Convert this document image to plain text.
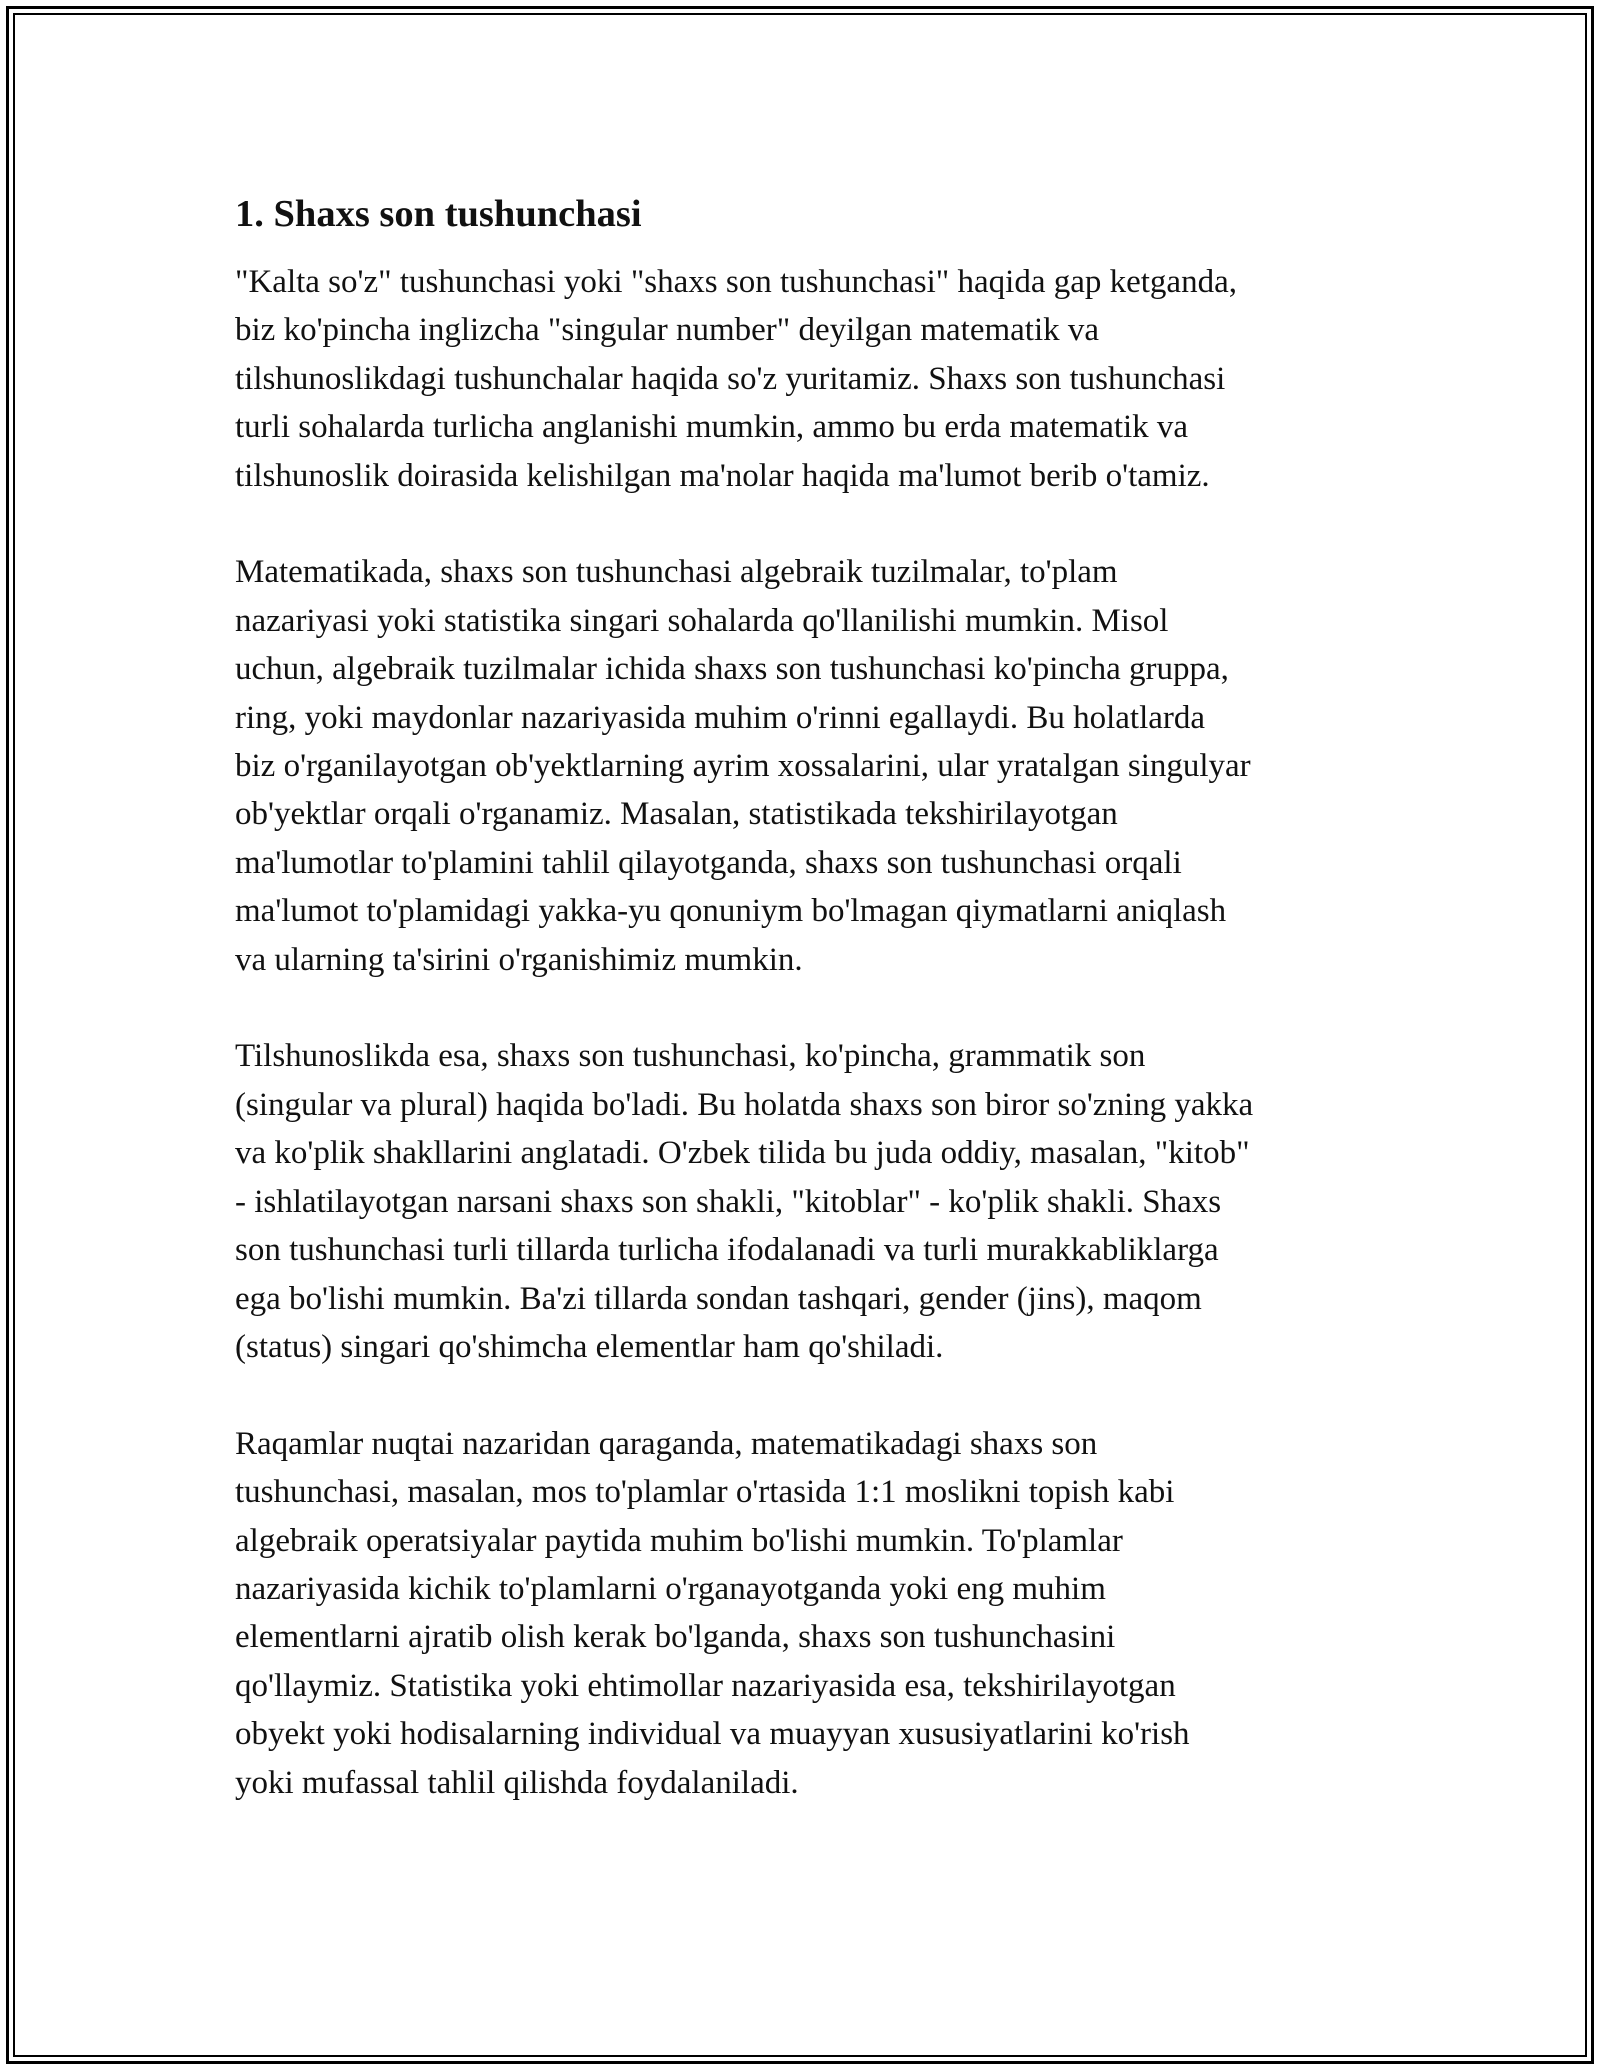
1. Shaxs son tushunchasi
"Kalta so'z" tushunchasi yoki "shaxs son tushunchasi" haqida gap ketganda,
biz ko'pincha inglizcha "singular number" deyilgan matematik va
tilshunoslikdagi tushunchalar haqida so'z yuritamiz. Shaxs son tushunchasi
turli sohalarda turlicha anglanishi mumkin, ammo bu erda matematik va
tilshunoslik doirasida kelishilgan ma'nolar haqida ma'lumot berib o'tamiz.
Matematikada, shaxs son tushunchasi algebraik tuzilmalar, to'plam
nazariyasi yoki statistika singari sohalarda qo'llanilishi mumkin. Misol
uchun, algebraik tuzilmalar ichida shaxs son tushunchasi ko'pincha gruppa,
ring, yoki maydonlar nazariyasida muhim o'rinni egallaydi. Bu holatlarda
biz o'rganilayotgan ob'yektlarning ayrim xossalarini, ular yratalgan singulyar
ob'yektlar orqali o'rganamiz. Masalan, statistikada tekshirilayotgan
ma'lumotlar to'plamini tahlil qilayotganda, shaxs son tushunchasi orqali
ma'lumot to'plamidagi yakka-yu qonuniym bo'lmagan qiymatlarni aniqlash
va ularning ta'sirini o'rganishimiz mumkin.
Tilshunoslikda esa, shaxs son tushunchasi, ko'pincha, grammatik son
(singular va plural) haqida bo'ladi. Bu holatda shaxs son biror so'zning yakka
va ko'plik shakllarini anglatadi. O'zbek tilida bu juda oddiy, masalan, "kitob"
- ishlatilayotgan narsani shaxs son shakli, "kitoblar" - ko'plik shakli. Shaxs
son tushunchasi turli tillarda turlicha ifodalanadi va turli murakkabliklarga
ega bo'lishi mumkin. Ba'zi tillarda sondan tashqari, gender (jins), maqom
(status) singari qo'shimcha elementlar ham qo'shiladi.
Raqamlar nuqtai nazaridan qaraganda, matematikadagi shaxs son
tushunchasi, masalan, mos to'plamlar o'rtasida 1:1 moslikni topish kabi
algebraik operatsiyalar paytida muhim bo'lishi mumkin. To'plamlar
nazariyasida kichik to'plamlarni o'rganayotganda yoki eng muhim
elementlarni ajratib olish kerak bo'lganda, shaxs son tushunchasini
qo'llaymiz. Statistika yoki ehtimollar nazariyasida esa, tekshirilayotgan
obyekt yoki hodisalarning individual va muayyan xususiyatlarini ko'rish
yoki mufassal tahlil qilishda foydalaniladi.
